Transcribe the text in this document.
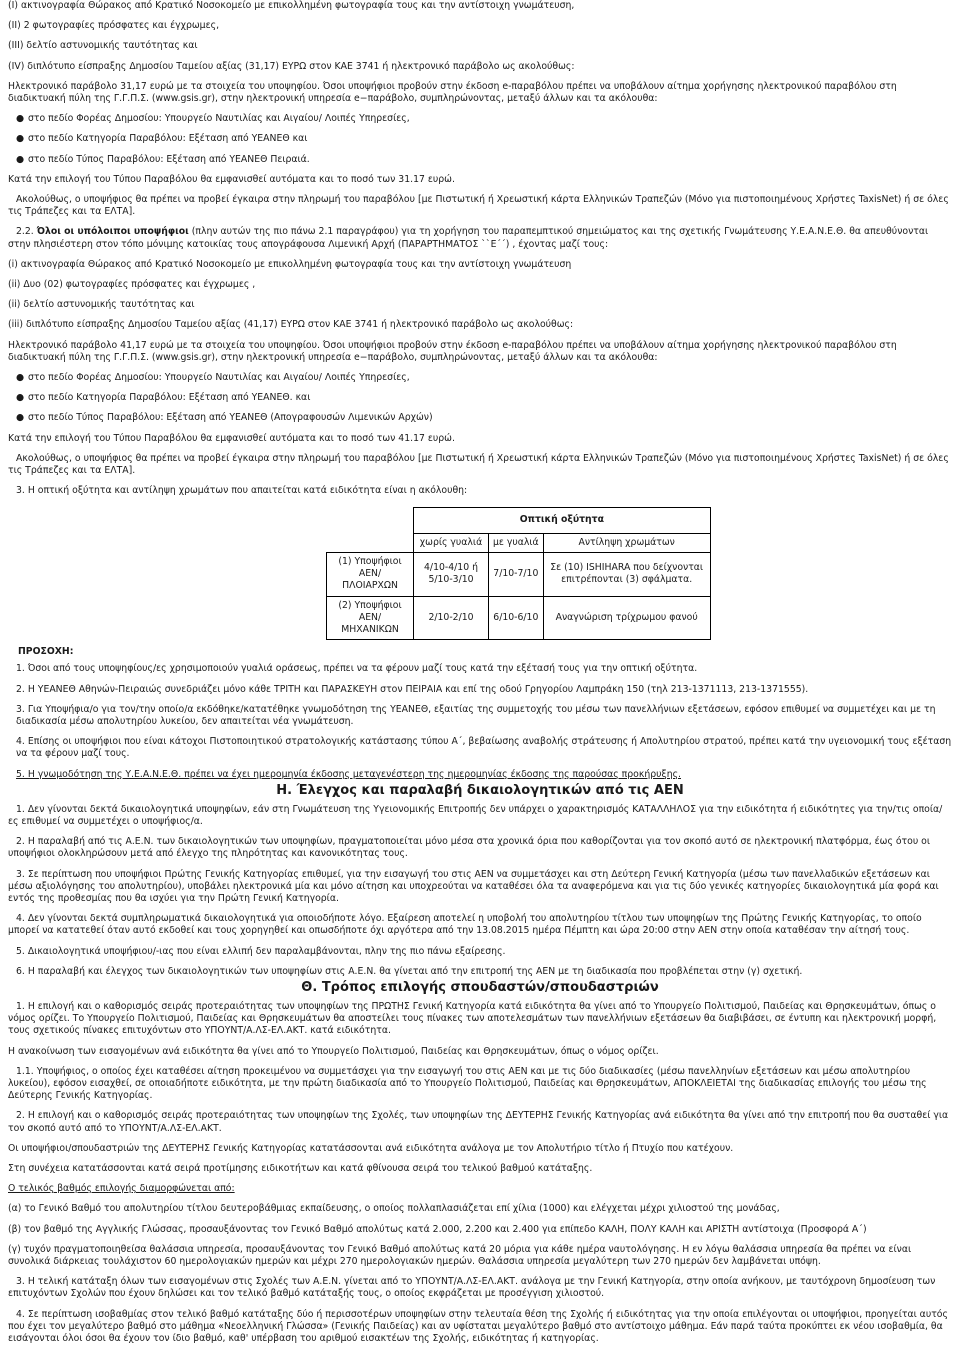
(Ι) ακτινογραφία Θώρακος από Κρατικό Νοσοκομείο με επικολλημένη φωτογραφία τους και την αντίστοιχη γνωμάτευση,

(ΙΙ) 2 φωτογραφίες πρόσφατες και έγχρωμες,

(ΙΙΙ) δελτίο αστυνομικής ταυτότητας και

(ΙV) διπλότυπο είσπραξης Δημοσίου Ταμείου αξίας (31,17) ΕΥΡΩ στον ΚΑΕ 3741 ή ηλεκτρονικό παράβολο ως ακολούθως:

Ηλεκτρονικό παράβολο 31,17 ευρώ με τα στοιχεία του υποψηφίου. Όσοι υποψήφιοι προβούν στην έκδοση e-παραβόλου πρέπει να υποβάλουν αίτημα χορήγησης ηλεκτρονικού παραβόλου στη διαδικτυακή πύλη της Γ.Γ.Π.Σ. (www.gsis.gr), στην ηλεκτρονική υπηρεσία e−παράβολο, συμπληρώνοντας, μεταξύ άλλων και τα ακόλουθα:

● στο πεδίο Φορέας Δημοσίου: Υπουργείο Ναυτιλίας και Αιγαίου/ Λοιπές Υπηρεσίες,
● στο πεδίο Κατηγορία Παραβόλου: Εξέταση από ΥΕΑΝΕΘ και
● στο πεδίο Τύπος Παραβόλου: Εξέταση από ΥΕΑΝΕΘ Πειραιά.

Κατά την επιλογή του Τύπου Παραβόλου θα εμφανισθεί αυτόματα και το ποσό των 31.17 ευρώ.

Ακολούθως, ο υποψήφιος θα πρέπει να προβεί έγκαιρα στην πληρωμή του παραβόλου [με Πιστωτική ή Χρεωστική κάρτα Ελληνικών Τραπεζών (Μόνο για πιστοποιημένους Χρήστες TaxisNet) ή σε όλες τις Τράπεζες και τα ΕΛΤΑ].

2.2. Όλοι οι υπόλοιποι υποψήφιοι (πλην αυτών της πιο πάνω 2.1 παραγράφου) για τη χορήγηση του παραπεμπτικού σημειώματος και της σχετικής Γνωμάτευσης Υ.Ε.Α.Ν.Ε.Θ. θα απευθύνονται στην πλησιέστερη στον τόπο μόνιμης κατοικίας τους απογράφουσα Λιμενική Αρχή (ΠΑΡΑΡΤΗΜΑΤΟΣ ``Ε΄΄) , έχοντας μαζί τους:

(i) ακτινογραφία Θώρακος από Κρατικό Νοσοκομείο με επικολλημένη φωτογραφία τους και την αντίστοιχη γνωμάτευση

(ii) Δυο (02) φωτογραφίες πρόσφατες και έγχρωμες ,

(ii) δελτίο αστυνομικής ταυτότητας και

(iii) διπλότυπο είσπραξης Δημοσίου Ταμείου αξίας (41,17) ΕΥΡΩ στον ΚΑΕ 3741 ή ηλεκτρονικό παράβολο ως ακολούθως:

Ηλεκτρονικό παράβολο 41,17 ευρώ με τα στοιχεία του υποψηφίου. Όσοι υποψήφιοι προβούν στην έκδοση e-παραβόλου πρέπει να υποβάλουν αίτημα χορήγησης ηλεκτρονικού παραβόλου στη διαδικτυακή πύλη της Γ.Γ.Π.Σ. (www.gsis.gr), στην ηλεκτρονική υπηρεσία e−παράβολο, συμπληρώνοντας, μεταξύ άλλων και τα ακόλουθα:

● στο πεδίο Φορέας Δημοσίου: Υπουργείο Ναυτιλίας και Αιγαίου/ Λοιπές Υπηρεσίες,
● στο πεδίο Κατηγορία Παραβόλου: Εξέταση από ΥΕΑΝΕΘ. και
● στο πεδίο Τύπος Παραβόλου: Εξέταση από ΥΕΑΝΕΘ (Απογραφουσών Λιμενικών Αρχών)

Κατά την επιλογή του Τύπου Παραβόλου θα εμφανισθεί αυτόματα και το ποσό των 41.17 ευρώ.

Ακολούθως, ο υποψήφιος θα πρέπει να προβεί έγκαιρα στην πληρωμή του παραβόλου [με Πιστωτική ή Χρεωστική κάρτα Ελληνικών Τραπεζών (Μόνο για πιστοποιημένους Χρήστες TaxisNet) ή σε όλες τις Τράπεζες και τα ΕΛΤΑ].

3. Η οπτική οξύτητα και αντίληψη χρωμάτων που απαιτείται κατά ειδικότητα είναι η ακόλουθη:

	Οπτική οξύτητα		
	χωρίς γυαλιά	με γυαλιά	Αντίληψη χρωμάτων
(1) Υποψήφιοι ΑΕΝ/ΠΛΟΙΑΡΧΩΝ	4/10-4/10 ή 5/10-3/10	7/10-7/10	Σε (10) ISHIHARA που δείχνονται επιτρέπονται (3) σφάλματα.
(2) Υποψήφιοι ΑΕΝ/ΜΗΧΑΝΙΚΩΝ	2/10-2/10	6/10-6/10	Αναγνώριση τρίχρωμου φανού

ΠΡΟΣΟΧΗ:

1. Όσοι από τους υποψηφίους/ες χρησιμοποιούν γυαλιά οράσεως, πρέπει να τα φέρουν μαζί τους κατά την εξέτασή τους για την οπτική οξύτητα.

2. Η ΥΕΑΝΕΘ Αθηνών-Πειραιώς συνεδριάζει μόνο κάθε ΤΡΙΤΗ και ΠΑΡΑΣΚΕΥΗ στον ΠΕΙΡΑΙΑ και επί της οδού Γρηγορίου Λαμπράκη 150 (τηλ 213-1371113, 213-1371555).

3. Για Υποψήφια/ο για τον/την οποίο/α εκδόθηκε/κατατέθηκε γνωμοδότηση της ΥΕΑΝΕΘ, εξαιτίας της συμμετοχής του μέσω των πανελλήνιων εξετάσεων, εφόσον επιθυμεί να συμμετέχει και με τη διαδικασία μέσω απολυτηρίου λυκείου, δεν απαιτείται νέα γνωμάτευση.

4. Επίσης οι υποψήφιοι που είναι κάτοχοι Πιστοποιητικού στρατολογικής κατάστασης τύπου Α΄, βεβαίωσης αναβολής στράτευσης ή Απολυτηρίου στρατού, πρέπει κατά την υγειονομική τους εξέταση να τα φέρουν μαζί τους.

5. Η γνωμοδότηση της Υ.Ε.Α.Ν.Ε.Θ. πρέπει να έχει ημερομηνία έκδοσης μεταγενέστερη της ημερομηνίας έκδοσης της παρούσας προκήρυξης.

Η. Έλεγχος και παραλαβή δικαιολογητικών από τις ΑΕΝ

1. Δεν γίνονται δεκτά δικαιολογητικά υποψηφίων, εάν στη Γνωμάτευση της Υγειονομικής Επιτροπής δεν υπάρχει ο χαρακτηρισμός ΚΑΤΑΛΛΗΛΟΣ για την ειδικότητα ή ειδικότητες για την/τις οποία/ες επιθυμεί να συμμετέχει ο υποψήφιος/α.

2. Η παραλαβή από τις Α.Ε.Ν. των δικαιολογητικών των υποψηφίων, πραγματοποιείται μόνο μέσα στα χρονικά όρια που καθορίζονται για τον σκοπό αυτό σε ηλεκτρονική πλατφόρμα, έως ότου οι υποψήφιοι ολοκληρώσουν μετά από έλεγχο της πληρότητας και κανονικότητας τους.

3. Σε περίπτωση που υποψήφιοι Πρώτης Γενικής Κατηγορίας επιθυμεί, για την εισαγωγή του στις ΑΕΝ να συμμετάσχει και στη Δεύτερη Γενική Κατηγορία (μέσω των πανελλαδικών εξετάσεων και μέσω αξιολόγησης του απολυτηρίου), υποβάλει ηλεκτρονικά μία και μόνο αίτηση και υποχρεούται να καταθέσει όλα τα αναφερόμενα και για τις δύο γενικές κατηγορίες δικαιολογητικά μία φορά και εντός της προθεσμίας που θα ισχύει για την Πρώτη Γενική Κατηγορία.

4. Δεν γίνονται δεκτά συμπληρωματικά δικαιολογητικά για οποιοδήποτε λόγο. Εξαίρεση αποτελεί η υποβολή του απολυτηρίου τίτλου των υποψηφίων της Πρώτης Γενικής Κατηγορίας, το οποίο μπορεί να κατατεθεί όταν αυτό εκδοθεί και τους χορηγηθεί και οπωσδήποτε όχι αργότερα από την 13.08.2015 ημέρα Πέμπτη και ώρα 20:00 στην ΑΕΝ στην οποία καταθέσαν την αίτησή τους.

5. Δικαιολογητικά υποψήφιου/-ιας που είναι ελλιπή δεν παραλαμβάνονται, πλην της πιο πάνω εξαίρεσης.

6. Η παραλαβή και έλεγχος των δικαιολογητικών των υποψηφίων στις Α.Ε.Ν. θα γίνεται από την επιτροπή της ΑΕΝ με τη διαδικασία που προβλέπεται στην (γ) σχετική.

Θ. Τρόπος επιλογής σπουδαστών/σπουδαστριών

1. Η επιλογή και ο καθορισμός σειράς προτεραιότητας των υποψηφίων της ΠΡΩΤΗΣ Γενική Κατηγορία κατά ειδικότητα θα γίνει από το Υπουργείο Πολιτισμού, Παιδείας και Θρησκευμάτων, όπως ο νόμος ορίζει. Το Υπουργείο Πολιτισμού, Παιδείας και Θρησκευμάτων θα αποστείλει τους πίνακες των αποτελεσμάτων των πανελλήνιων εξετάσεων θα διαβιβάσει, σε έντυπη και ηλεκτρονική μορφή, τους σχετικούς πίνακες επιτυχόντων στο ΥΠΟΥΝΤ/Α.ΛΣ-ΕΛ.ΑΚΤ. κατά ειδικότητα.

Η ανακοίνωση των εισαγομένων ανά ειδικότητα θα γίνει από το Υπουργείο Πολιτισμού, Παιδείας και Θρησκευμάτων, όπως ο νόμος ορίζει.

1.1. Υποψήφιος, ο οποίος έχει καταθέσει αίτηση προκειμένου να συμμετάσχει για την εισαγωγή του στις ΑΕΝ και με τις δύο διαδικασίες (μέσω πανελληνίων εξετάσεων και μέσω απολυτηρίου λυκείου), εφόσον εισαχθεί, σε οποιαδήποτε ειδικότητα, με την πρώτη διαδικασία από το Υπουργείο Πολιτισμού, Παιδείας και Θρησκευμάτων, ΑΠΟΚΛΕΙΕΤΑΙ της διαδικασίας επιλογής του μέσω της Δεύτερης Γενικής Κατηγορίας.

2. Η επιλογή και ο καθορισμός σειράς προτεραιότητας των υποψηφίων της Σχολές, των υποψηφίων της ΔΕΥΤΕΡΗΣ Γενικής Κατηγορίας ανά ειδικότητα θα γίνει από την επιτροπή που θα συσταθεί για τον σκοπό αυτό από το ΥΠΟΥΝΤ/Α.ΛΣ-ΕΛ.ΑΚΤ.

Οι υποψήφιοι/σπουδαστριών της ΔΕΥΤΕΡΗΣ Γενικής Κατηγορίας κατατάσσονται ανά ειδικότητα ανάλογα με τον Απολυτήριο τίτλο ή Πτυχίο που κατέχουν.

Στη συνέχεια κατατάσσονται κατά σειρά προτίμησης ειδικοτήτων και κατά φθίνουσα σειρά του τελικού βαθμού κατάταξης.

Ο τελικός βαθμός επιλογής διαμορφώνεται από:

(α) το Γενικό Βαθμό του απολυτηρίου τίτλου δευτεροβάθμιας εκπαίδευσης, ο οποίος πολλαπλασιάζεται επί χίλια (1000) και ελέγχεται μέχρι χιλιοστού της μονάδας,

(β) τον βαθμό της Αγγλικής Γλώσσας, προσαυξάνοντας τον Γενικό Βαθμό απολύτως κατά 2.000, 2.200 και 2.400 για επίπεδο ΚΑΛΗ, ΠΟΛΥ ΚΑΛΗ και ΑΡΙΣΤΗ αντίστοιχα (Προσφορά Α΄)

(γ) τυχόν πραγματοποιηθείσα θαλάσσια υπηρεσία, προσαυξάνοντας τον Γενικό Βαθμό απολύτως κατά 20 μόρια για κάθε ημέρα ναυτολόγησης. Η εν λόγω θαλάσσια υπηρεσία θα πρέπει να είναι συνολικά διάρκειας τουλάχιστον 60 ημερολογιακών ημερών και μέχρι 270 ημερολογιακών ημερών. Θαλάσσια υπηρεσία μεγαλύτερη των 270 ημερών δεν λαμβάνεται υπόψη.

3. Η τελική κατάταξη όλων των εισαγομένων στις Σχολές των Α.Ε.Ν. γίνεται από το ΥΠΟΥΝΤ/Α.ΛΣ-ΕΛ.ΑΚΤ. ανάλογα με την Γενική Κατηγορία, στην οποία ανήκουν, με ταυτόχρονη δημοσίευση των επιτυχόντων Σχολών που έχουν δηλώσει και τον τελικό βαθμό κατάταξής τους, ο οποίος εκφράζεται με προσέγγιση χιλιοστού.

4. Σε περίπτωση ισοβαθμίας στον τελικό βαθμό κατάταξης δύο ή περισσοτέρων υποψηφίων στην τελευταία θέση της Σχολής ή ειδικότητας για την οποία επιλέγονται οι υποψήφιοι, προηγείται αυτός που έχει τον μεγαλύτερο βαθμό στο μάθημα «Νεοελληνική Γλώσσα» (Γενικής Παιδείας) και αν υφίσταται μεγαλύτερο βαθμό στο αντίστοιχο μάθημα. Εάν παρά ταύτα προκύπτει εκ νέου ισοβαθμία, θα εισάγονται όλοι όσοι θα έχουν τον ίδιο βαθμό, καθ' υπέρβαση του αριθμού εισακτέων της Σχολής, ειδικότητας ή κατηγορίας.
